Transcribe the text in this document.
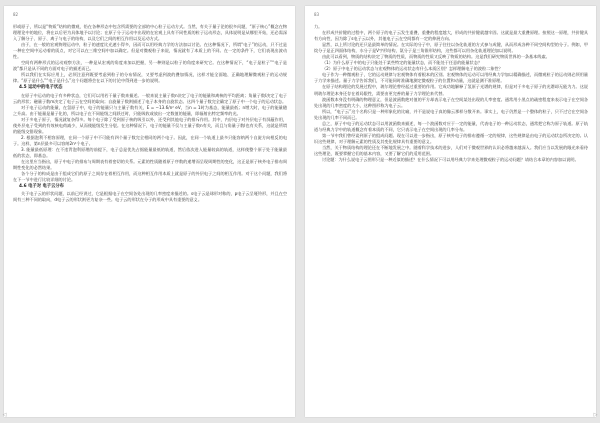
82

形或原子，所以是“物质”结构的微观，铅在各种形态中包含所需要的全部的中心粒子运动方式。当然，有关于量子论的很多问题，“原子核心”概念在物理理论中的地位，将在以后更为具体地予以讨论；在原子分子运动中出现的在宏观上具有不同性质的粒子运动形态，具体说明是从哪里开始，还必需深入了解分子、原子、离子与电子的结构，以及它们之间的相互作用以及运动方式。

由于，在一般的宏观物理运动中，粒子的速度比光速小得多，因而可以用经典力学的方法加以讨论。在这种情况下，所谓“电子”的运动，只不过是一种在空间中运动着的质点，对它可以在三维空间中加以确定。但是对微观粒子来说，情况就有了本质上的不同。在一定的条件下，它们表现出波动性。

空间有两种形式的运动观察方法，一种是从宏观的角度来加以把握，另一种则是以粒子的角度来研究它。在这种情况下，“电子是粒子”“电子是波”都只是从不同的方面对电子的描述而已。

所以我们在实际应用上，必须注意到既要考虑到粒子的分布情况，又要考虑到波的叠加情况，这样才能全面地、正确地理解微观粒子的运动规律。“原子是什么”“电子是什么”这个问题将会在以下的讨论中得到进一步的说明。

4.5 运动中的电子状态

在原子中运动的电子有多种状态，它们可以用若干量子数来描述。一般来说主量子数n决定了电子的能量和离核的平均距离；角量子数l决定了电子云的形状；磁量子数m决定了电子云在空间的取向；自旋量子数则描述了电子本身的自旋状态。这四个量子数完全确定了原子中一个电子的运动状态。

对于电子运动的能量，在氢原子中，电子的能量只与主量子数有关，E = −13.6/n² eV，当n = 1时为基态，能量最低；n增大时，电子的能量随之升高。由于能量是量子化的，所以电子在不同能级之间跃迁时，只能吸收或放出一定数值的能量，即辐射出特定频率的光。

对于多电子原子，情况就复杂得多。每个电子除了受到原子核的吸引以外，还受到其他电子的排斥作用。其中，内层电子对外层电子有屏蔽作用，使外层电子受到的有效核电荷减少，从而使能级发生分裂。在这种情况下，电子的能量不仅与主量子数n有关，而且与角量子数l也有关系，这就是所谓的能级交错现象。

2. 根据泡利不相容原理，在同一个原子中不可能有四个量子数完全相同的两个电子。因此，在同一个轨道上最多只能容纳两个自旋方向相反的电子。这样，第n层最多可以容纳2n²个电子。

3. 能量最低原理：在不违背泡利原理的前提下，电子总是优先占据能量最低的轨道，然后依次进入能量较高的轨道，这样使整个原子处于能量最低的状态，即基态。

在这里应当指出，原子中电子的排布与周期表有着密切的关系。元素的性质随着原子序数的递增而呈现周期性的变化，这正是原子核外电子排布周期性变化的必然结果。

各个分子的构成是由于组成它们的原子之间存在着相互作用，而这种相互作用本质上就是原子的外层电子之间的相互作用。对于这个问题，我们将在下一节中进行比较详细的讨论。

4.6 电子对 电子云分布

关于电子云的形状问题，以前已经讲过，它是根据电子在空间各处出现的几率密度来描述的。s电子云是球形对称的，p电子云呈哑铃形，并且在空间有三种不同的取向，d电子云的形状则更为复杂一些。电子云的形状在分子的形成中具有重要的意义。

83

力。

在形成共价键的过程中，两个原子的电子云发生重叠，重叠的程度越大，形成的共价键就越牢固。这就是最大重叠原理。按照这一原理，共价键具有方向性，因为除了s电子云以外，其他电子云在空间都有一定的伸展方向。

显然，以上所讨论的还只是最简单的情况。在实际的分子中，原子往往以杂化轨道的方式参与成键，从而形成各种不同空间构型的分子。例如，甲烷分子是正四面体结构，水分子是V字形结构，氨分子是三角锥形结构，这些都可以用杂化轨道理论加以说明。

由此可以看到，物质的结构决定了物质的性质，而物质的性质又反映了物质的结构。这是我们研究物质世界的一条基本线索。

（1）为什么原子中的电子只能处于某些特定的能量状态，而不能处于任意的能量状态？

（2）原子中电子的运动状态与宏观物体的运动状态有什么本质区别？怎样理解电子的波粒二象性？

电子作为一种微观粒子，它的运动规律与宏观物体有着根本的区别。宏观物体的运动可以用经典力学加以精确描述，而微观粒子的运动则必须用量子力学来描述。量子力学告诉我们，不可能同时准确地测定微观粒子的位置和动量，这就是测不准原理。

在原子结构理论的发展过程中，玻尔理论曾经起过重要的作用。它成功地解释了氢原子光谱的规律，但是对于多电子原子的光谱却无能为力。这说明玻尔理论本身还存在着局限性，需要由更完善的量子力学理论来代替。

波函数本身没有明确的物理意义，但是波函数绝对值的平方却表示电子在空间某处出现的几率密度。通常用小黑点的疏密程度来表示电子在空间各处出现的几率密度的大小，这种图形称为电子云。

所以，“电子云”这个名称只是一种形象化的比喻，并不是说电子真的像云那样分散开来。事实上，电子仍然是一个整体的粒子，只不过它在空间各处出现的几率不同而已。

总之，原子中电子的运动状态可以用波函数来描述，每一个波函数对应于一定的能量，代表电子的一种运动状态，通常把它称为原子轨道。原子轨道与经典力学中的轨道概念有着本质的不同，它只表示电子在空间出现的几率分布。

第一节中我们曾经谈到原子的组成问题。现在可以进一步指出，原子核外电子的排布遵循一定的规律，这些规律是由电子的运动状态所决定的。认识这些规律，对于理解元素的性质及其变化规律具有重要的意义。

当然，关于物质结构的理论还在不断地发展之中。随着科学技术的进步，人们对于微观世界的认识必将越来越深入。我们应当以发展的眼光来看待这些理论，既要掌握它们的基本内容，又要了解它们的适用范围。

讨论题：为什么说电子云图形只是一种近似的描述？在什么情况下可以用经典力学来处理微观粒子的运动问题？请结合本章的内容加以说明。

◁	▷
